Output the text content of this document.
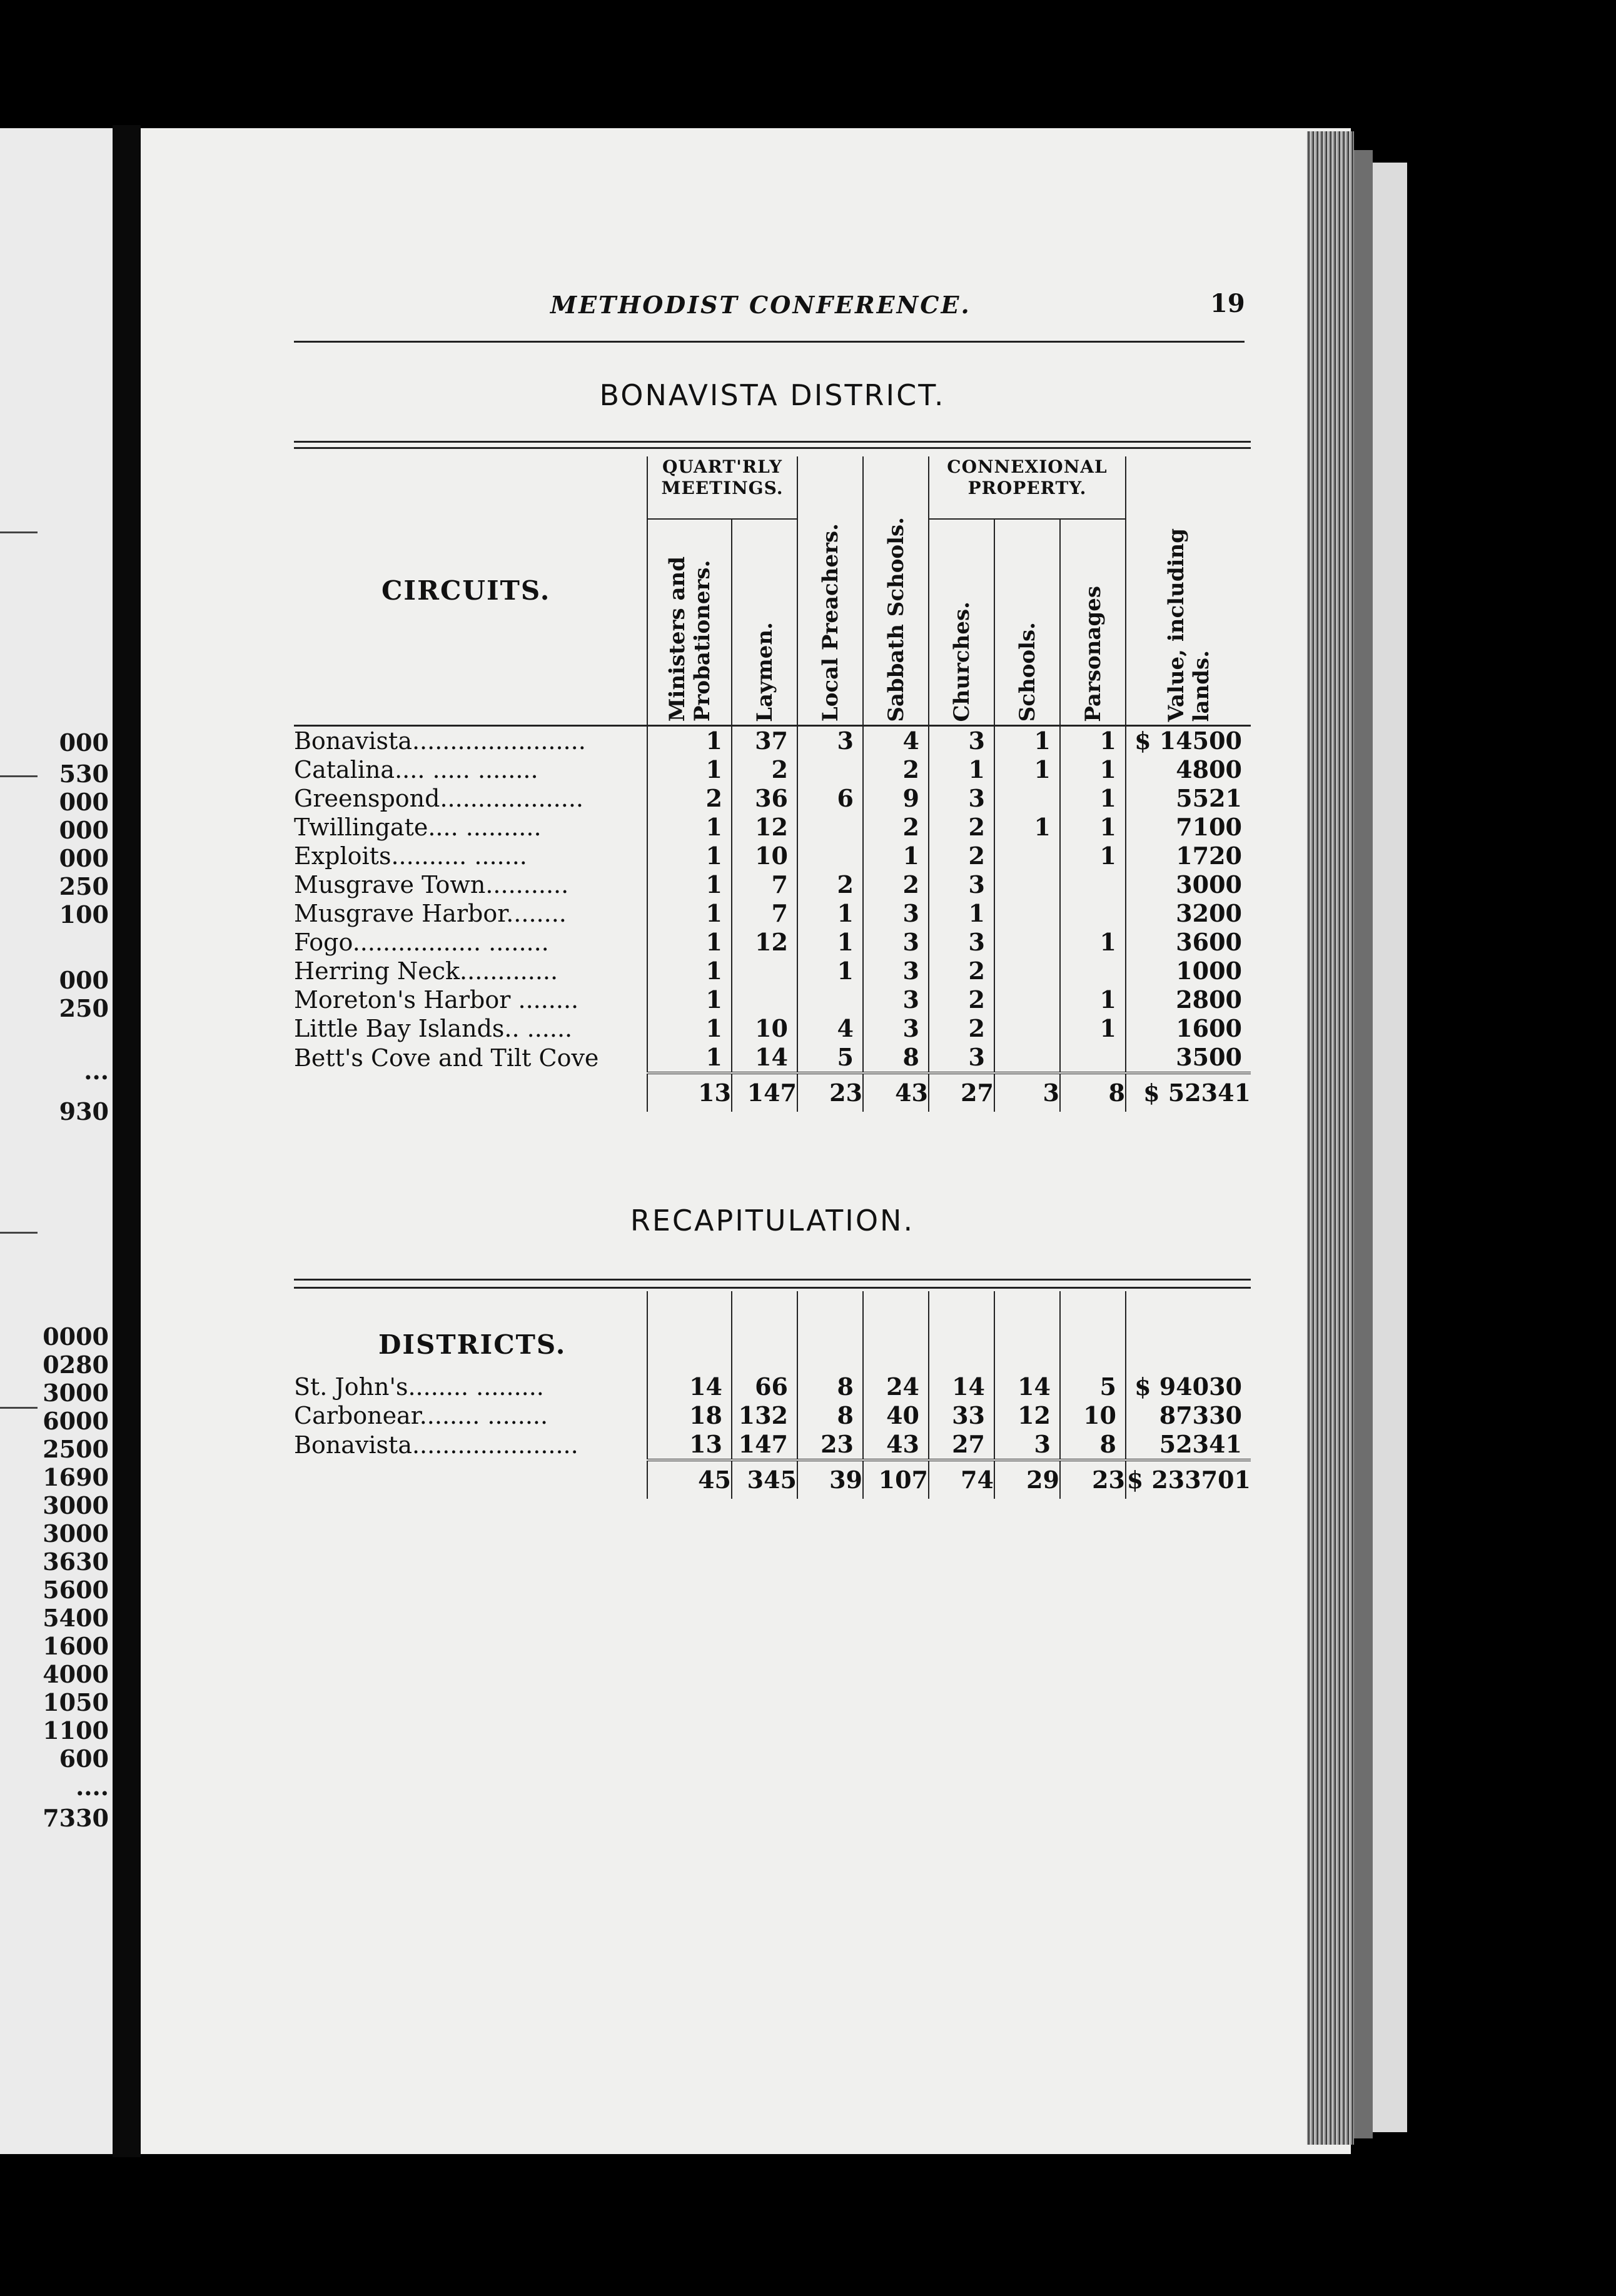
000
530
000
000
000
250
100
000
250
...
930
0000
0280
3000
6000
2500
1690
3000
3000
3630
5600
5400
1600
4000
1050
1100
600
....
7330
METHODIST CONFERENCE.	19
BONAVISTA DISTRICT.
CIRCUITS.	QUART'RLY MEETINGS.		Local Preachers.	Sabbath Schools.	CONNEXIONAL PROPERTY.			Value, including
lands.
	Ministers and
Probationers.	Laymen.			Churches.	Schools.	Parsonages	
Bonavista.......................	1	37	3	4	3	1	1	$ 14500
Catalina.... ..... ........	1	2		2	1	1	1	4800
Greenspond...................	2	36	6	9	3		1	5521
Twillingate.... ..........	1	12		2	2	1	1	7100
Exploits.......... .......	1	10		1	2		1	1720
Musgrave Town...........	1	7	2	2	3			3000
Musgrave Harbor........	1	7	1	3	1			3200
Fogo................. ........	1	12	1	3	3		1	3600
Herring Neck.............	1		1	3	2			1000
Moreton's Harbor ........	1			3	2		1	2800
Little Bay Islands.. ......	1	10	4	3	2		1	1600
Bett's Cove and Tilt Cove	1	14	5	8	3			3500
	13	147	23	43	27	3	8	$ 52341
RECAPITULATION.
DISTRICTS.								
St. John's........ .........	14	66	8	24	14	14	5	$ 94030
Carbonear........ ........	18	132	8	40	33	12	10	87330
Bonavista......................	13	147	23	43	27	3	8	52341
	45	345	39	107	74	29	23	$ 233701
